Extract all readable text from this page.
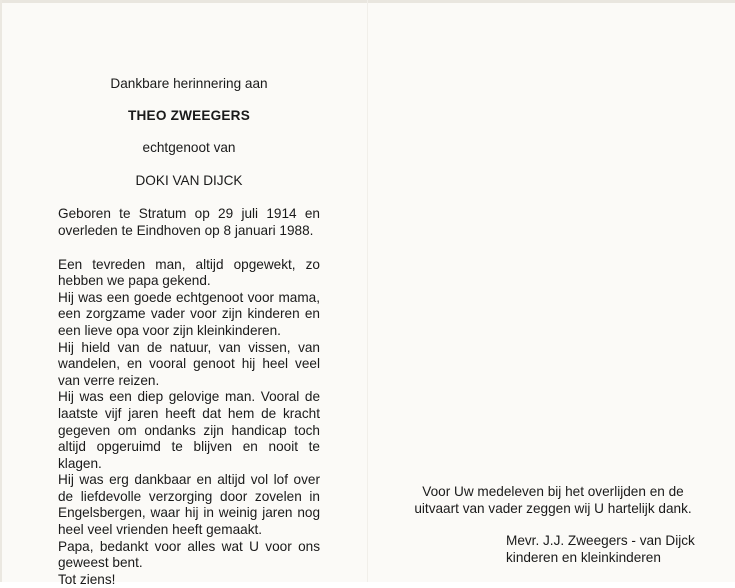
Dankbare herinnering aan
THEO ZWEEGERS
echtgenoot van
DOKI VAN DIJCK
Geboren te Stratum op 29 juli 1914 en overleden te Eindhoven op 8 januari 1988.

Een tevreden man, altijd opgewekt, zo hebben we papa gekend.

Hij was een goede echtgenoot voor mama, een zorgzame vader voor zijn kinderen en een lieve opa voor zijn kleinkinderen.

Hij hield van de natuur, van vissen, van wandelen, en vooral genoot hij heel veel van verre reizen.

Hij was een diep gelovige man. Vooral de laatste vijf jaren heeft dat hem de kracht gegeven om ondanks zijn handicap toch altijd opgeruimd te blijven en nooit te klagen.

Hij was erg dankbaar en altijd vol lof over de liefdevolle verzorging door zovelen in Engelsbergen, waar hij in weinig jaren nog heel veel vrienden heeft gemaakt.

Papa, bedankt voor alles wat U voor ons geweest bent.

Tot ziens!

Voor Uw medeleven bij het overlijden en de uitvaart van vader zeggen wij U hartelijk dank.

Mevr. J.J. Zweegers - van Dijck
kinderen en kleinkinderen
